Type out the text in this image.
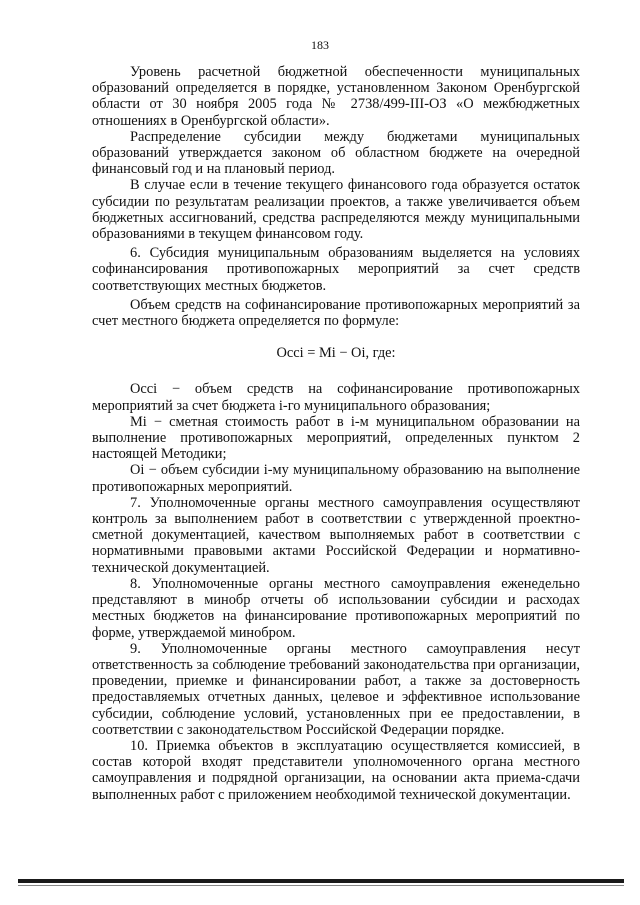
183

Уровень расчетной бюджетной обеспеченности муниципальных образований определяется в порядке, установленном Законом Оренбургской области от 30 ноября 2005 года № 2738/499-III-ОЗ «О межбюджетных отношениях в Оренбургской области».

Распределение субсидии между бюджетами муниципальных образований утверждается законом об областном бюджете на очередной финансовый год и на плановый период.

В случае если в течение текущего финансового года образуется остаток субсидии по результатам реализации проектов, а также увеличивается объем бюджетных ассигнований, средства распределяются между муниципальными образованиями в текущем финансовом году.

6. Субсидия муниципальным образованиям выделяется на условиях софинансирования противопожарных мероприятий за счет средств соответствующих местных бюджетов.

Объем средств на софинансирование противопожарных мероприятий за счет местного бюджета определяется по формуле:

Occi = Mi − Oi, где:

Occi − объем средств на софинансирование противопожарных мероприятий за счет бюджета i-го муниципального образования;

Mi − сметная стоимость работ в i-м муниципальном образовании на выполнение противопожарных мероприятий, определенных пунктом 2 настоящей Методики;

Oi − объем субсидии i-му муниципальному образованию на выполнение противопожарных мероприятий.

7. Уполномоченные органы местного самоуправления осуществляют контроль за выполнением работ в соответствии с утвержденной проектно-сметной документацией, качеством выполняемых работ в соответствии с нормативными правовыми актами Российской Федерации и нормативно-технической документацией.

8. Уполномоченные органы местного самоуправления еженедельно представляют в минобр отчеты об использовании субсидии и расходах местных бюджетов на финансирование противопожарных мероприятий по форме, утверждаемой минобром.

9. Уполномоченные органы местного самоуправления несут ответственность за соблюдение требований законодательства при организации, проведении, приемке и финансировании работ, а также за достоверность предоставляемых отчетных данных, целевое и эффективное использование субсидии, соблюдение условий, установленных при ее предоставлении, в соответствии с законодательством Российской Федерации порядке.

10. Приемка объектов в эксплуатацию осуществляется комиссией, в состав которой входят представители уполномоченного органа местного самоуправления и подрядной организации, на основании акта приема-сдачи выполненных работ с приложением необходимой технической документации.
